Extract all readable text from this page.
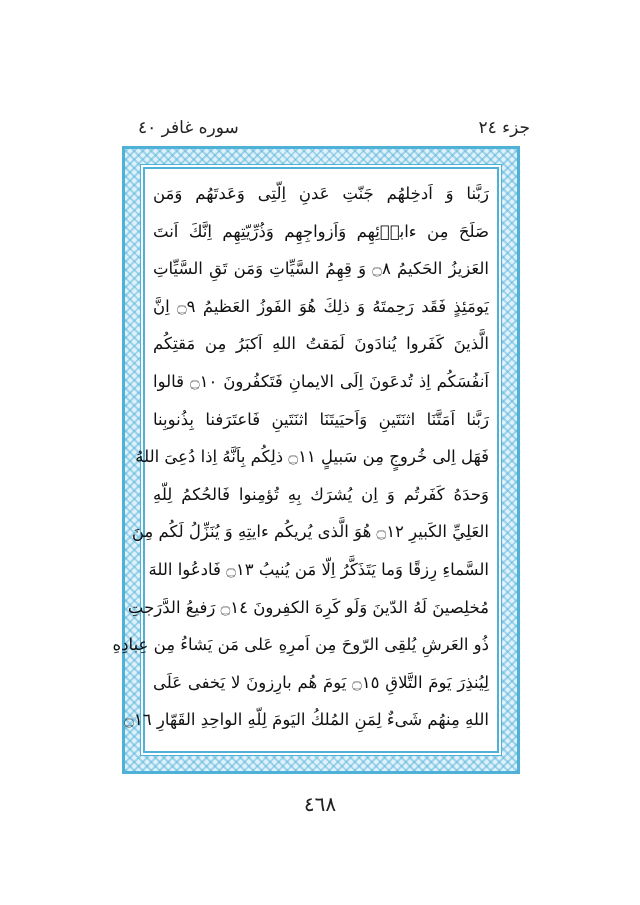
سوره غافر ٤٠	جزء ٢٤
رَبَّنا وَ اَدخِلهُم جَنّتِ عَدنِ اِلّتِى وَعَدتَهُم وَمَن
صَلَحَ مِن ءاباۤئِهِم وَاَزواجِهِم وَذُرِّيّتِهِم اِنَّكَ اَنتَ
العَزيزُ الحَكيمُ ۝٨ وَ قِهِمُ السَّيِّاتِ وَمَن تَقِ السَّيِّاتِ
يَومَئِذٍ فَقَد رَحِمتَهُ وَ ذلِكَ هُوَ الفَوزُ العَظيمُ ۝٩ اِنَّ
الَّذينَ كَفَروا يُنادَونَ لَمَقتُ اللهِ اَكبَرُ مِن مَقتِكُم
اَنفُسَكُم اِذ تُدعَونَ اِلَى الايمانِ فَتَكفُرونَ ۝١٠ قالوا
رَبَّنا اَمَتَّنَا اثنَتَينِ وَاَحيَيتَنَا اثنَتَينِ فَاعتَرَفنا بِذُنوبِنا
فَهَل اِلى خُروجٍ مِن سَبيلٍ ۝١١ ذلِكُم بِاَنَّهُ اِذا دُعِىَ اللهُ
وَحدَهُ كَفَرتُم وَ اِن يُشرَك بِهِ تُؤمِنوا فَالحُكمُ لِلّهِ
العَلِيِّ الكَبيرِ ۝١٢ هُوَ الَّذى يُريكُم ءايتِهِ وَ يُنَزِّلُ لَكُم مِنَ
السَّماءِ رِزقًا وَما يَتَذَكَّرُ اِلّا مَن يُنيبُ ۝١٣ فَادعُوا اللهَ
مُخلِصينَ لَهُ الدّينَ وَلَو كَرِهَ الكفِرونَ ۝١٤ رَفيعُ الدَّرَجتِ
ذُو العَرشِ يُلقِى الرّوحَ مِن اَمرِهِ عَلى مَن يَشاءُ مِن عِبادِهِ
لِيُنذِرَ يَومَ التَّلاقِ ۝١٥ يَومَ هُم بارِزونَ لا يَخفى عَلَى
اللهِ مِنهُم شَىءٌ لِمَنِ المُلكُ اليَومَ لِلّهِ الواحِدِ القَهّارِ ۝١٦
٤٦٨
